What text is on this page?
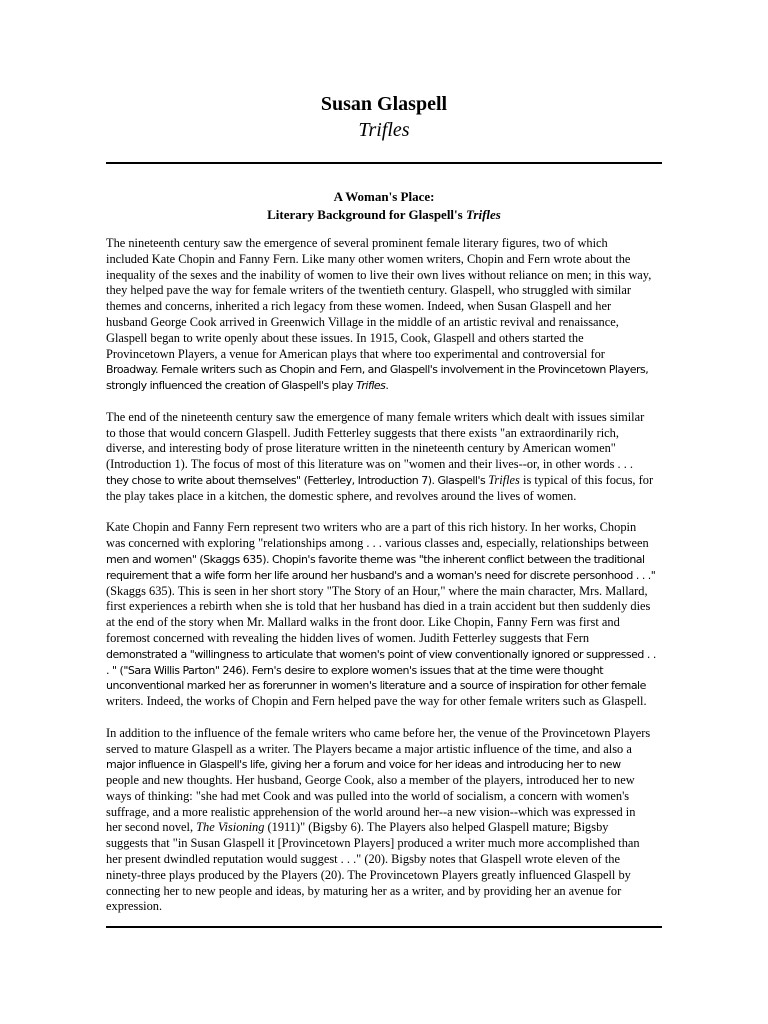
Susan Glaspell
Trifles
A Woman's Place:
Literary Background for Glaspell's Trifles

The nineteenth century saw the emergence of several prominent female literary figures, two of which
included Kate Chopin and Fanny Fern. Like many other women writers, Chopin and Fern wrote about the
inequality of the sexes and the inability of women to live their own lives without reliance on men; in this way,
they helped pave the way for female writers of the twentieth century. Glaspell, who struggled with similar
themes and concerns, inherited a rich legacy from these women. Indeed, when Susan Glaspell and her
husband George Cook arrived in Greenwich Village in the middle of an artistic revival and renaissance,
Glaspell began to write openly about these issues. In 1915, Cook, Glaspell and others started the
Provincetown Players, a venue for American plays that where too experimental and controversial for
Broadway. Female writers such as Chopin and Fern, and Glaspell's involvement in the Provincetown Players,
strongly influenced the creation of Glaspell's play Trifles.

The end of the nineteenth century saw the emergence of many female writers which dealt with issues similar
to those that would concern Glaspell. Judith Fetterley suggests that there exists "an extraordinarily rich,
diverse, and interesting body of prose literature written in the nineteenth century by American women"
(Introduction 1). The focus of most of this literature was on "women and their lives--or, in other words . . .
they chose to write about themselves" (Fetterley, Introduction 7). Glaspell's Trifles is typical of this focus, for
the play takes place in a kitchen, the domestic sphere, and revolves around the lives of women.

Kate Chopin and Fanny Fern represent two writers who are a part of this rich history. In her works, Chopin
was concerned with exploring "relationships among . . . various classes and, especially, relationships between
men and women" (Skaggs 635). Chopin's favorite theme was "the inherent conflict between the traditional
requirement that a wife form her life around her husband's and a woman's need for discrete personhood . . ."
(Skaggs 635). This is seen in her short story "The Story of an Hour," where the main character, Mrs. Mallard,
first experiences a rebirth when she is told that her husband has died in a train accident but then suddenly dies
at the end of the story when Mr. Mallard walks in the front door. Like Chopin, Fanny Fern was first and
foremost concerned with revealing the hidden lives of women. Judith Fetterley suggests that Fern
demonstrated a "willingness to articulate that women's point of view conventionally ignored or suppressed . .
. " ("Sara Willis Parton" 246). Fern's desire to explore women's issues that at the time were thought
unconventional marked her as forerunner in women's literature and a source of inspiration for other female
writers. Indeed, the works of Chopin and Fern helped pave the way for other female writers such as Glaspell.

In addition to the influence of the female writers who came before her, the venue of the Provincetown Players
served to mature Glaspell as a writer. The Players became a major artistic influence of the time, and also a
major influence in Glaspell's life, giving her a forum and voice for her ideas and introducing her to new
people and new thoughts. Her husband, George Cook, also a member of the players, introduced her to new
ways of thinking: "she had met Cook and was pulled into the world of socialism, a concern with women's
suffrage, and a more realistic apprehension of the world around her--a new vision--which was expressed in
her second novel, The Visioning (1911)" (Bigsby 6). The Players also helped Glaspell mature; Bigsby
suggests that "in Susan Glaspell it [Provincetown Players] produced a writer much more accomplished than
her present dwindled reputation would suggest . . ." (20). Bigsby notes that Glaspell wrote eleven of the
ninety-three plays produced by the Players (20). The Provincetown Players greatly influenced Glaspell by
connecting her to new people and ideas, by maturing her as a writer, and by providing her an avenue for
expression.
